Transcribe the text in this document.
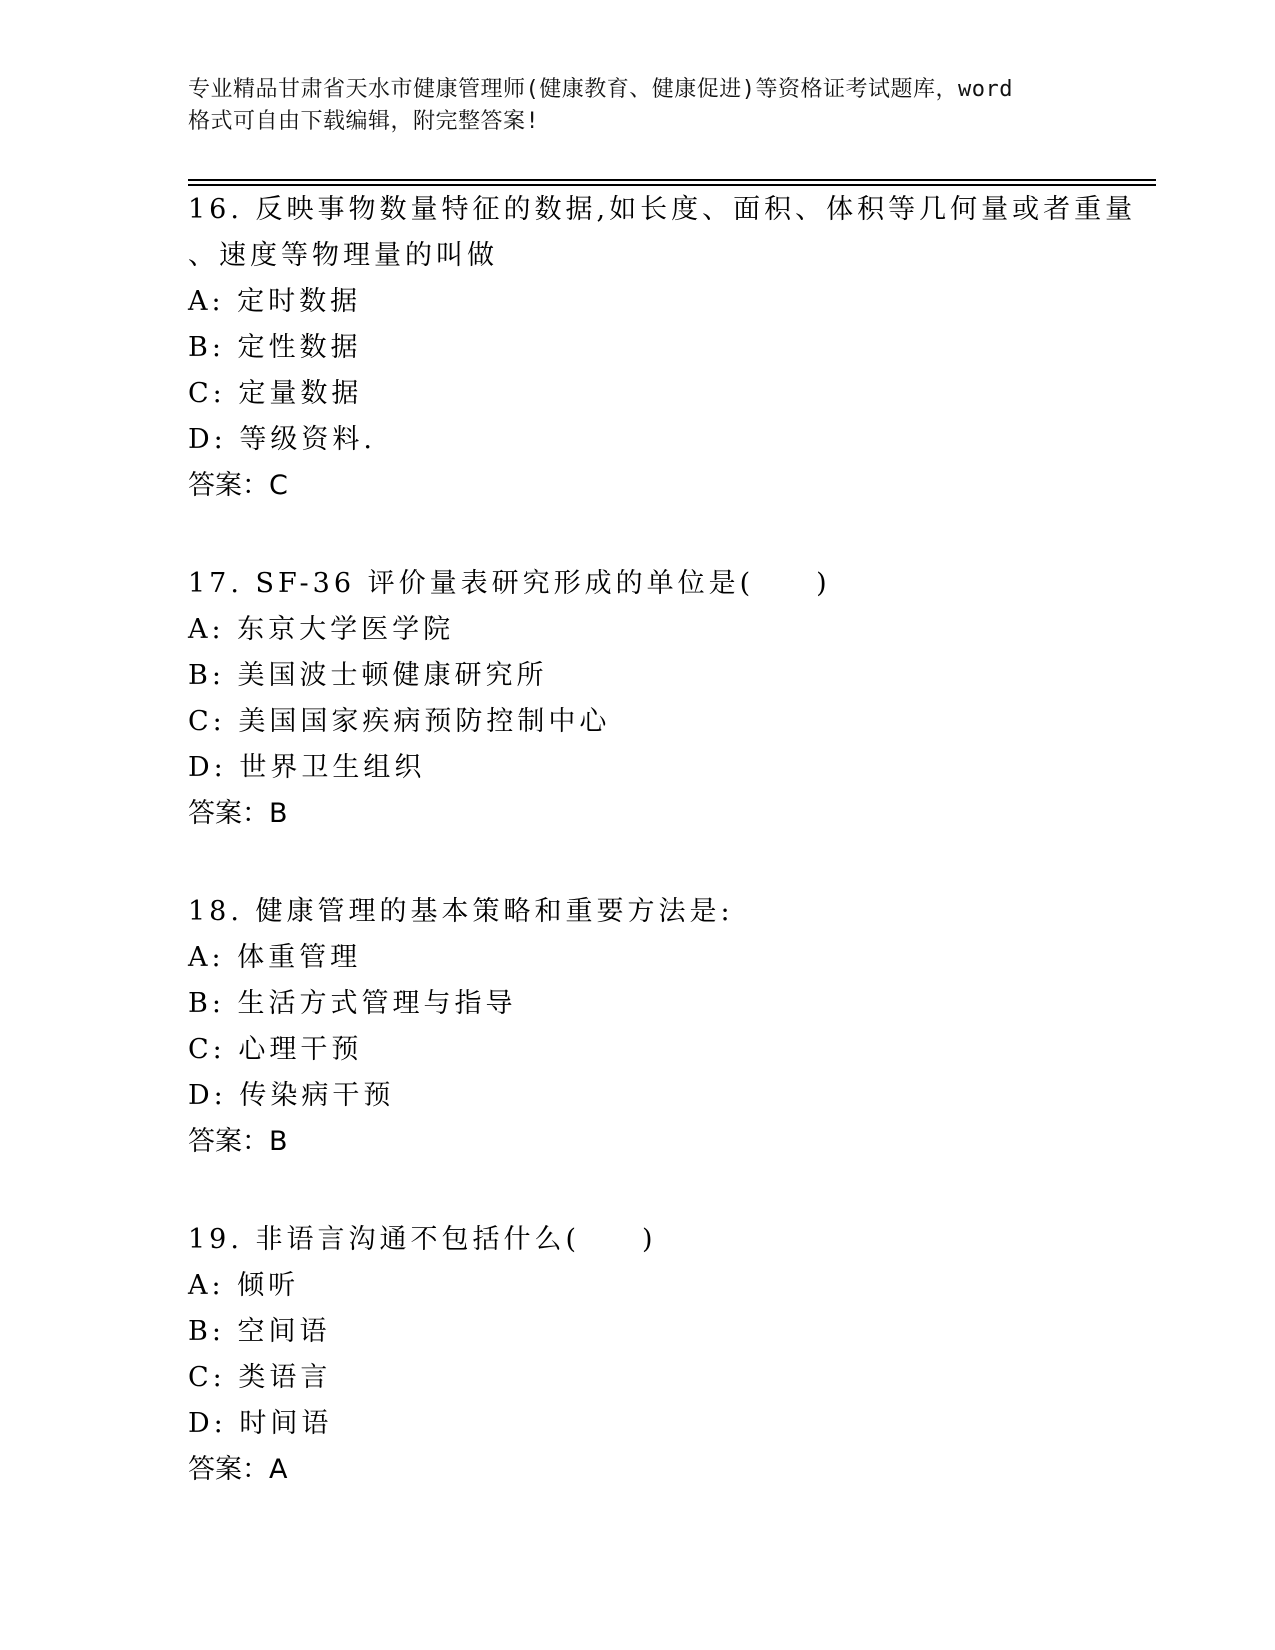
专业精品甘肃省天水市健康管理师(健康教育、健康促进)等资格证考试题库，word
格式可自由下载编辑，附完整答案!

16. 反映事物数量特征的数据,如长度、面积、体积等几何量或者重量

、速度等物理量的叫做

A: 定时数据
B: 定性数据
C: 定量数据
D: 等级资料.
答案：C

17. SF-36 评价量表研究形成的单位是(　　)

A: 东京大学医学院
B: 美国波士顿健康研究所
C: 美国国家疾病预防控制中心
D: 世界卫生组织
答案：B

18. 健康管理的基本策略和重要方法是:

A: 体重管理
B: 生活方式管理与指导
C: 心理干预
D: 传染病干预
答案：B

19. 非语言沟通不包括什么(　　)

A: 倾听
B: 空间语
C: 类语言
D: 时间语
答案：A
